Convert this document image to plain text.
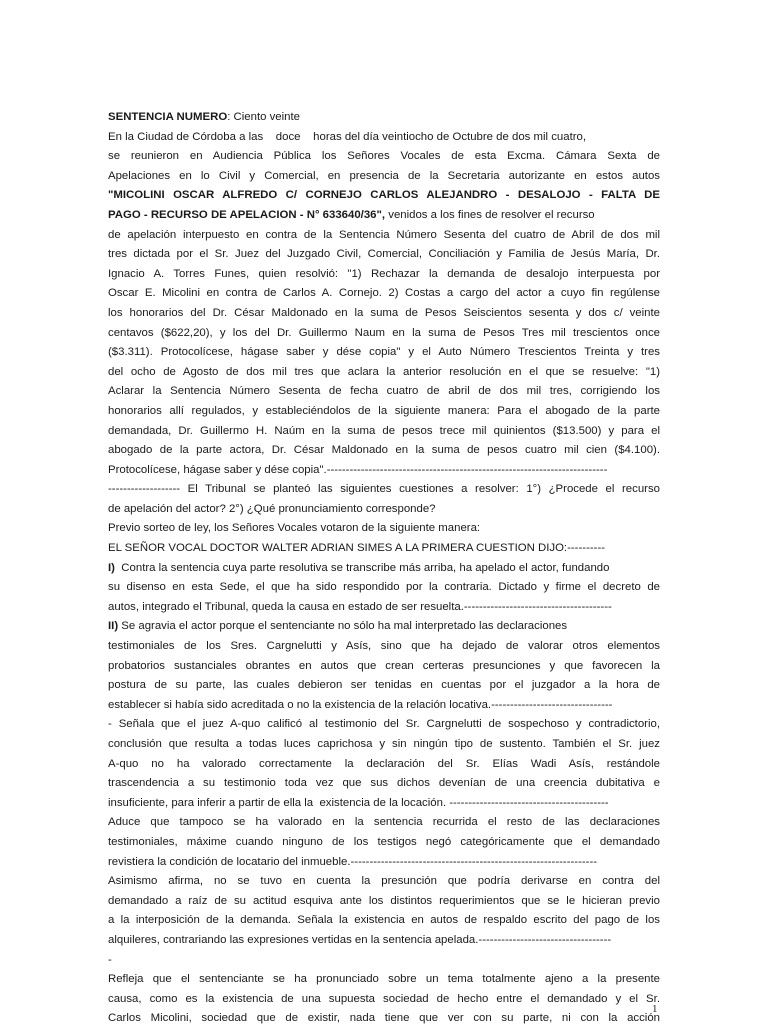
SENTENCIA NUMERO: Ciento veinte
En la Ciudad de Córdoba a las    doce    horas del día veintiocho de Octubre de dos mil cuatro,
se reunieron en Audiencia Pública los Señores Vocales de esta Excma. Cámara Sexta de
Apelaciones en lo Civil y Comercial, en presencia de la Secretaria autorizante en estos autos
"MICOLINI OSCAR ALFREDO C/ CORNEJO CARLOS ALEJANDRO - DESALOJO - FALTA DE
PAGO - RECURSO DE APELACION - N° 633640/36", venidos a los fines de resolver el recurso
de apelación interpuesto en contra de la Sentencia Número Sesenta del cuatro de Abril de dos mil
tres dictada por el Sr. Juez del Juzgado Civil, Comercial, Conciliación y Familia de Jesús María, Dr.
Ignacio A. Torres Funes, quien resolvió: "1) Rechazar la demanda de desalojo interpuesta por
Oscar E. Micolini en contra de Carlos A. Cornejo. 2) Costas a cargo del actor a cuyo fin regúlense
los honorarios del Dr. César Maldonado en la suma de Pesos Seiscientos sesenta y dos c/ veinte
centavos ($622,20), y los del Dr. Guillermo Naum en la suma de Pesos Tres mil trescientos once
($3.311). Protocolícese, hágase saber y dése copia" y el Auto Número Trescientos Treinta y tres
del ocho de Agosto de dos mil tres que aclara la anterior resolución en el que se resuelve: "1)
Aclarar la Sentencia Número Sesenta de fecha cuatro de abril de dos mil tres, corrigiendo los
honorarios allí regulados, y estableciéndolos de la siguiente manera: Para el abogado de la parte
demandada, Dr. Guillermo H. Naúm en la suma de pesos trece mil quinientos ($13.500) y para el
abogado de la parte actora, Dr. César Maldonado en la suma de pesos cuatro mil cien ($4.100).
Protocolícese, hágase saber y dése copia".--------------------------------------------------------------------------
------------------- El Tribunal se planteó las siguientes cuestiones a resolver: 1°) ¿Procede el recurso
de apelación del actor? 2°) ¿Qué pronunciamiento corresponde?
Previo sorteo de ley, los Señores Vocales votaron de la siguiente manera:
EL SEÑOR VOCAL DOCTOR WALTER ADRIAN SIMES A LA PRIMERA CUESTION DIJO:----------
I)  Contra la sentencia cuya parte resolutiva se transcribe más arriba, ha apelado el actor, fundando
su disenso en esta Sede, el que ha sido respondido por la contraria. Dictado y firme el decreto de
autos, integrado el Tribunal, queda la causa en estado de ser resuelta.---------------------------------------
II) Se agravia el actor porque el sentenciante no sólo ha mal interpretado las declaraciones
testimoniales de los Sres. Cargnelutti y Asís, sino que ha dejado de valorar otros elementos
probatorios sustanciales obrantes en autos que crean certeras presunciones y que favorecen la
postura de su parte, las cuales debieron ser tenidas en cuentas por el juzgador a la hora de
establecer si había sido acreditada o no la existencia de la relación locativa.--------------------------------
- Señala que el juez A-quo calificó al testimonio del Sr. Cargnelutti de sospechoso y contradictorio,
conclusión que resulta a todas luces caprichosa y sin ningún tipo de sustento. También el Sr. juez
A-quo no ha valorado correctamente la declaración del Sr. Elías Wadi Asís, restándole
trascendencia a su testimonio toda vez que sus dichos devenían de una creencia dubitativa e
insuficiente, para inferir a partir de ella la  existencia de la locación. ------------------------------------------
Aduce que tampoco se ha valorado en la sentencia recurrida el resto de las declaraciones
testimoniales, máxime cuando ninguno de los testigos negó categóricamente que el demandado
revistiera la condición de locatario del inmueble.-----------------------------------------------------------------
Asimismo afirma, no se tuvo en cuenta la presunción que podría derivarse en contra del
demandado a raíz de su actitud esquiva ante los distintos requerimientos que se le hicieran previo
a la interposición de la demanda. Señala la existencia en autos de respaldo escrito del pago de los
alquileres, contrariando las expresiones vertidas en la sentencia apelada.-----------------------------------
-
Refleja que el sentenciante se ha pronunciado sobre un tema totalmente ajeno a la presente
causa, como es la existencia de una supuesta sociedad de hecho entre el demandado y el Sr.
Carlos Micolini, sociedad que de existir, nada tiene que ver con su parte, ni con la acción
1
